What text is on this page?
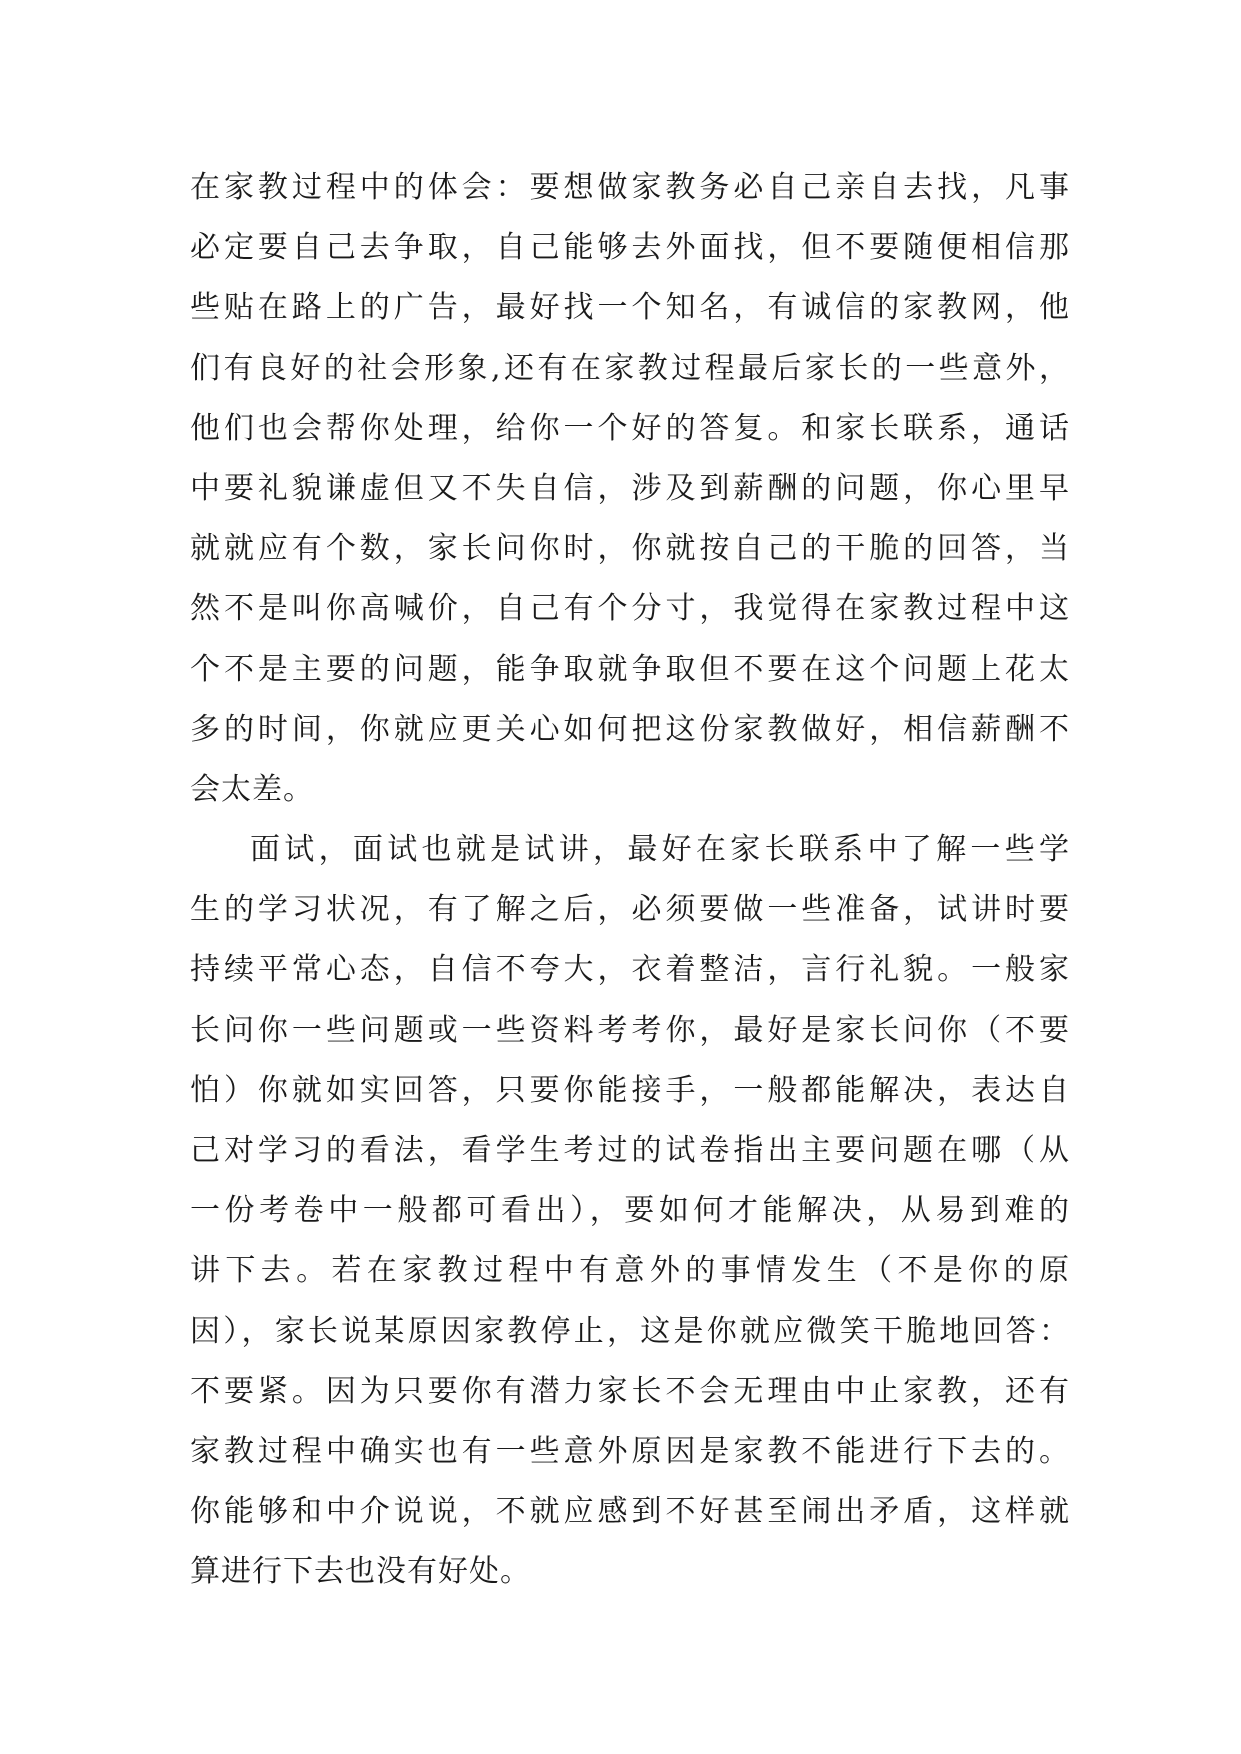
在家教过程中的体会：要想做家教务必自己亲自去找，凡事
必定要自己去争取，自己能够去外面找，但不要随便相信那
些贴在路上的广告，最好找一个知名，有诚信的家教网，他
们有良好的社会形象,还有在家教过程最后家长的一些意外，
他们也会帮你处理，给你一个好的答复。和家长联系，通话
中要礼貌谦虚但又不失自信，涉及到薪酬的问题，你心里早
就就应有个数，家长问你时，你就按自己的干脆的回答，当
然不是叫你高喊价，自己有个分寸，我觉得在家教过程中这
个不是主要的问题，能争取就争取但不要在这个问题上花太
多的时间，你就应更关心如何把这份家教做好，相信薪酬不
会太差。
面试，面试也就是试讲，最好在家长联系中了解一些学
生的学习状况，有了解之后，必须要做一些准备，试讲时要
持续平常心态，自信不夸大，衣着整洁，言行礼貌。一般家
长问你一些问题或一些资料考考你，最好是家长问你（不要
怕）你就如实回答，只要你能接手，一般都能解决，表达自
己对学习的看法，看学生考过的试卷指出主要问题在哪（从
一份考卷中一般都可看出），要如何才能解决，从易到难的
讲下去。若在家教过程中有意外的事情发生（不是你的原
因），家长说某原因家教停止，这是你就应微笑干脆地回答：
不要紧。因为只要你有潜力家长不会无理由中止家教，还有
家教过程中确实也有一些意外原因是家教不能进行下去的。
你能够和中介说说，不就应感到不好甚至闹出矛盾，这样就
算进行下去也没有好处。
